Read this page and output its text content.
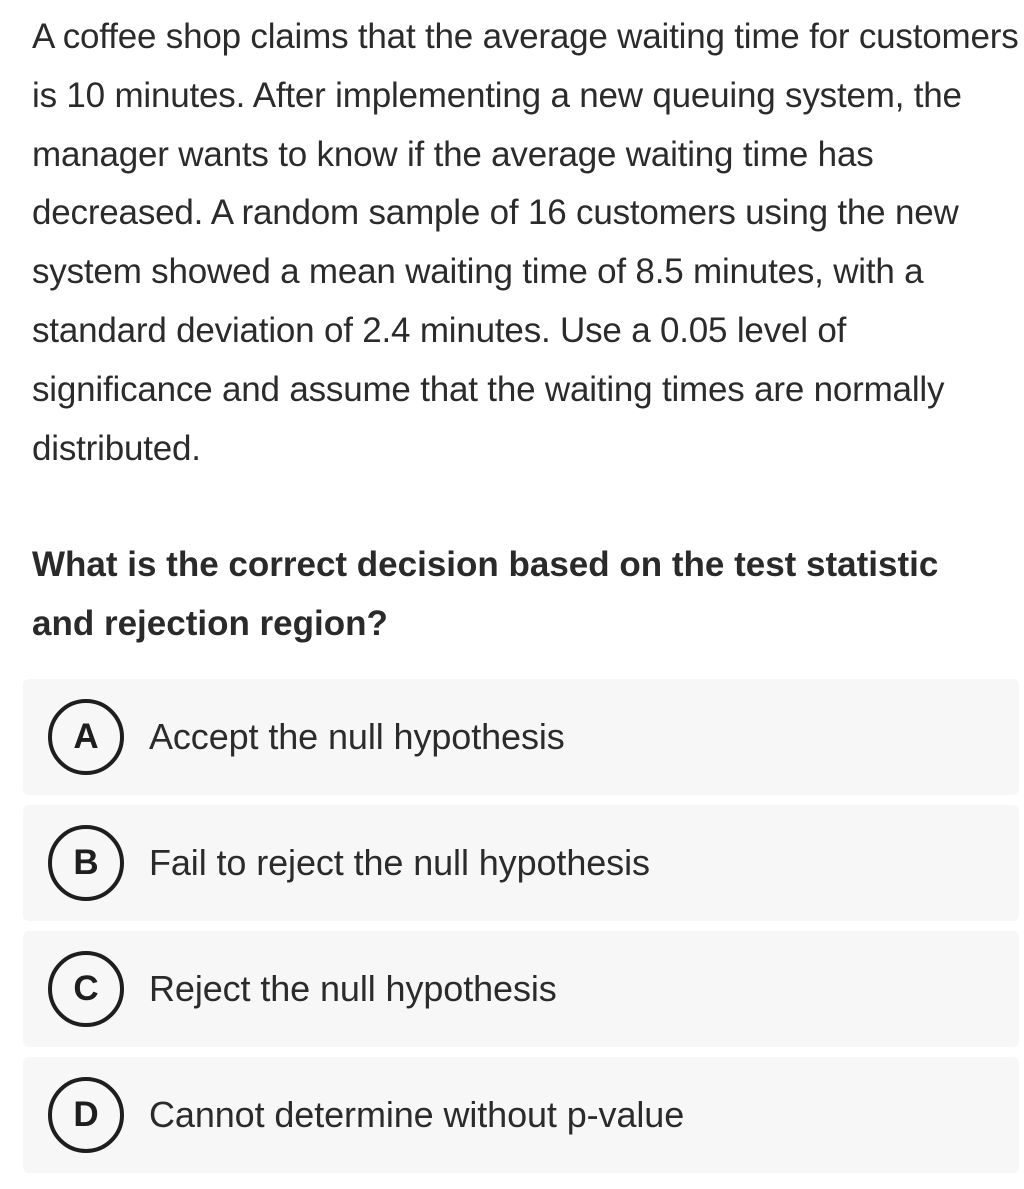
A coffee shop claims that the average waiting time for customers is 10 minutes. After implementing a new queuing system, the manager wants to know if the average waiting time has decreased. A random sample of 16 customers using the new system showed a mean waiting time of 8.5 minutes, with a standard deviation of 2.4 minutes. Use a 0.05 level of significance and assume that the waiting times are normally distributed.

What is the correct decision based on the test statistic and rejection region?

A	Accept the null hypothesis
B	Fail to reject the null hypothesis
C	Reject the null hypothesis
D	Cannot determine without p-value
